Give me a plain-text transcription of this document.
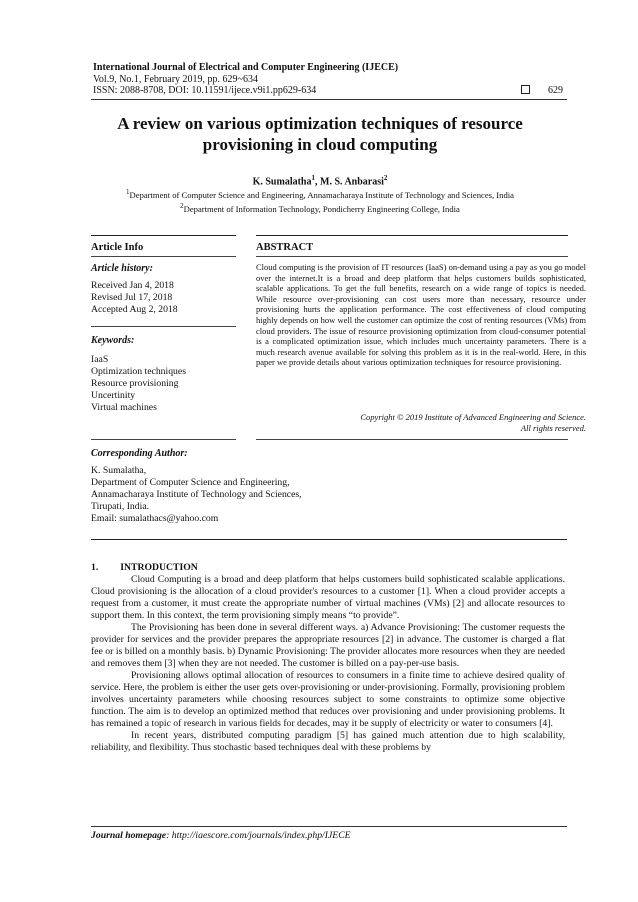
International Journal of Electrical and Computer Engineering (IJECE)
Vol.9, No.1, February 2019, pp. 629~634
ISSN: 2088-8708, DOI: 10.11591/ijece.v9i1.pp629-634	629
A review on various optimization techniques of resource
provisioning in cloud computing
K. Sumalatha$^1$, M. S. Anbarasi$^2$
$^1$Department of Computer Science and Engineering, Annamacharaya Institute of Technology and Sciences, India
$^2$Department of Information Technology, Pondicherry Engineering College, India
Article Info	ABSTRACT
Article history:
Received Jan 4, 2018
Revised Jul 17, 2018
Accepted Aug 2, 2018
Keywords:
IaaS
Optimization techniques
Resource provisioning
Uncertinity
Virtual machines
Cloud computing is the provision of IT resources (IaaS) on-demand using a pay as you go model over the internet.It is a broad and deep platform that helps customers builds sophisticated, scalable applications. To get the full benefits, research on a wide range of topics is needed. While resource over-provisioning can cost users more than necessary, resource under provisioning hurts the application performance. The cost effectiveness of cloud computing highly depends on how well the customer can optimize the cost of renting resources (VMs) from cloud providers. The issue of resource provisioning optimization from cloud-consumer potential is a complicated optimization issue, which includes much uncertainty parameters. There is a much research avenue available for solving this problem as it is in the real-world. Here, in this paper we provide details about various optimization techniques for resource provisioning.
Copyright © 2019 Institute of Advanced Engineering and Science.
All rights reserved.
Corresponding Author:
K. Sumalatha,
Department of Computer Science and Engineering,
Annamacharaya Institute of Technology and Sciences,
Tirupati, India.
Email: sumalathacs@yahoo.com
1. INTRODUCTION

Cloud Computing is a broad and deep platform that helps customers build sophisticated scalable applications. Cloud provisioning is the allocation of a cloud provider's resources to a customer [1]. When a cloud provider accepts a request from a customer, it must create the appropriate number of virtual machines (VMs) [2] and allocate resources to support them. In this context, the term provisioning simply means “to provide”.

The Provisioning has been done in several different ways. a) Advance Provisioning: The customer requests the provider for services and the provider prepares the appropriate resources [2] in advance. The customer is charged a flat fee or is billed on a monthly basis. b) Dynamic Provisioning: The provider allocates more resources when they are needed and removes them [3] when they are not needed. The customer is billed on a pay-per-use basis.

Provisioning allows optimal allocation of resources to consumers in a finite time to achieve desired quality of service. Here, the problem is either the user gets over-provisioning or under-provisioning. Formally, provisioning problem involves uncertainty parameters while choosing resources subject to some constraints to optimize some objective function. The aim is to develop an optimized method that reduces over provisioning and under provisioning problems. It has remained a topic of research in various fields for decades, may it be supply of electricity or water to consumers [4].

In recent years, distributed computing paradigm [5] has gained much attention due to high scalability, reliability, and flexibility. Thus stochastic based techniques deal with these problems by

Journal homepage: http://iaescore.com/journals/index.php/IJECE
